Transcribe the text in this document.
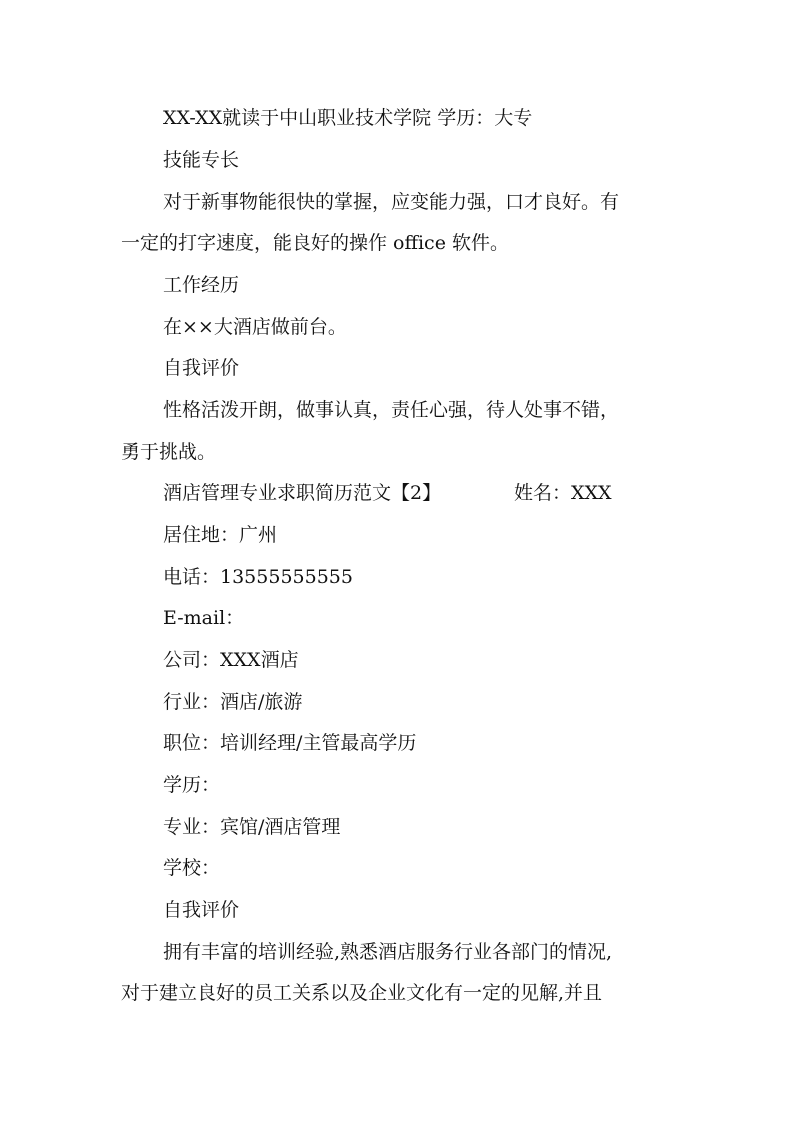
XX-XX就读于中山职业技术学院 学历：大专
技能专长
对于新事物能很快的掌握，应变能力强，口才良好。有
一定的打字速度，能良好的操作 office 软件。
工作经历
在××大酒店做前台。
自我评价
性格活泼开朗，做事认真，责任心强，待人处事不错，
勇于挑战。
酒店管理专业求职简历范文【2】	姓名：XXX
居住地：广州
电话：13555555555
E-mail：
公司：XXX酒店
行业：酒店/旅游
职位：培训经理/主管最高学历
学历：
专业：宾馆/酒店管理
学校：
自我评价
拥有丰富的培训经验,熟悉酒店服务行业各部门的情况,
对于建立良好的员工关系以及企业文化有一定的见解,并且
